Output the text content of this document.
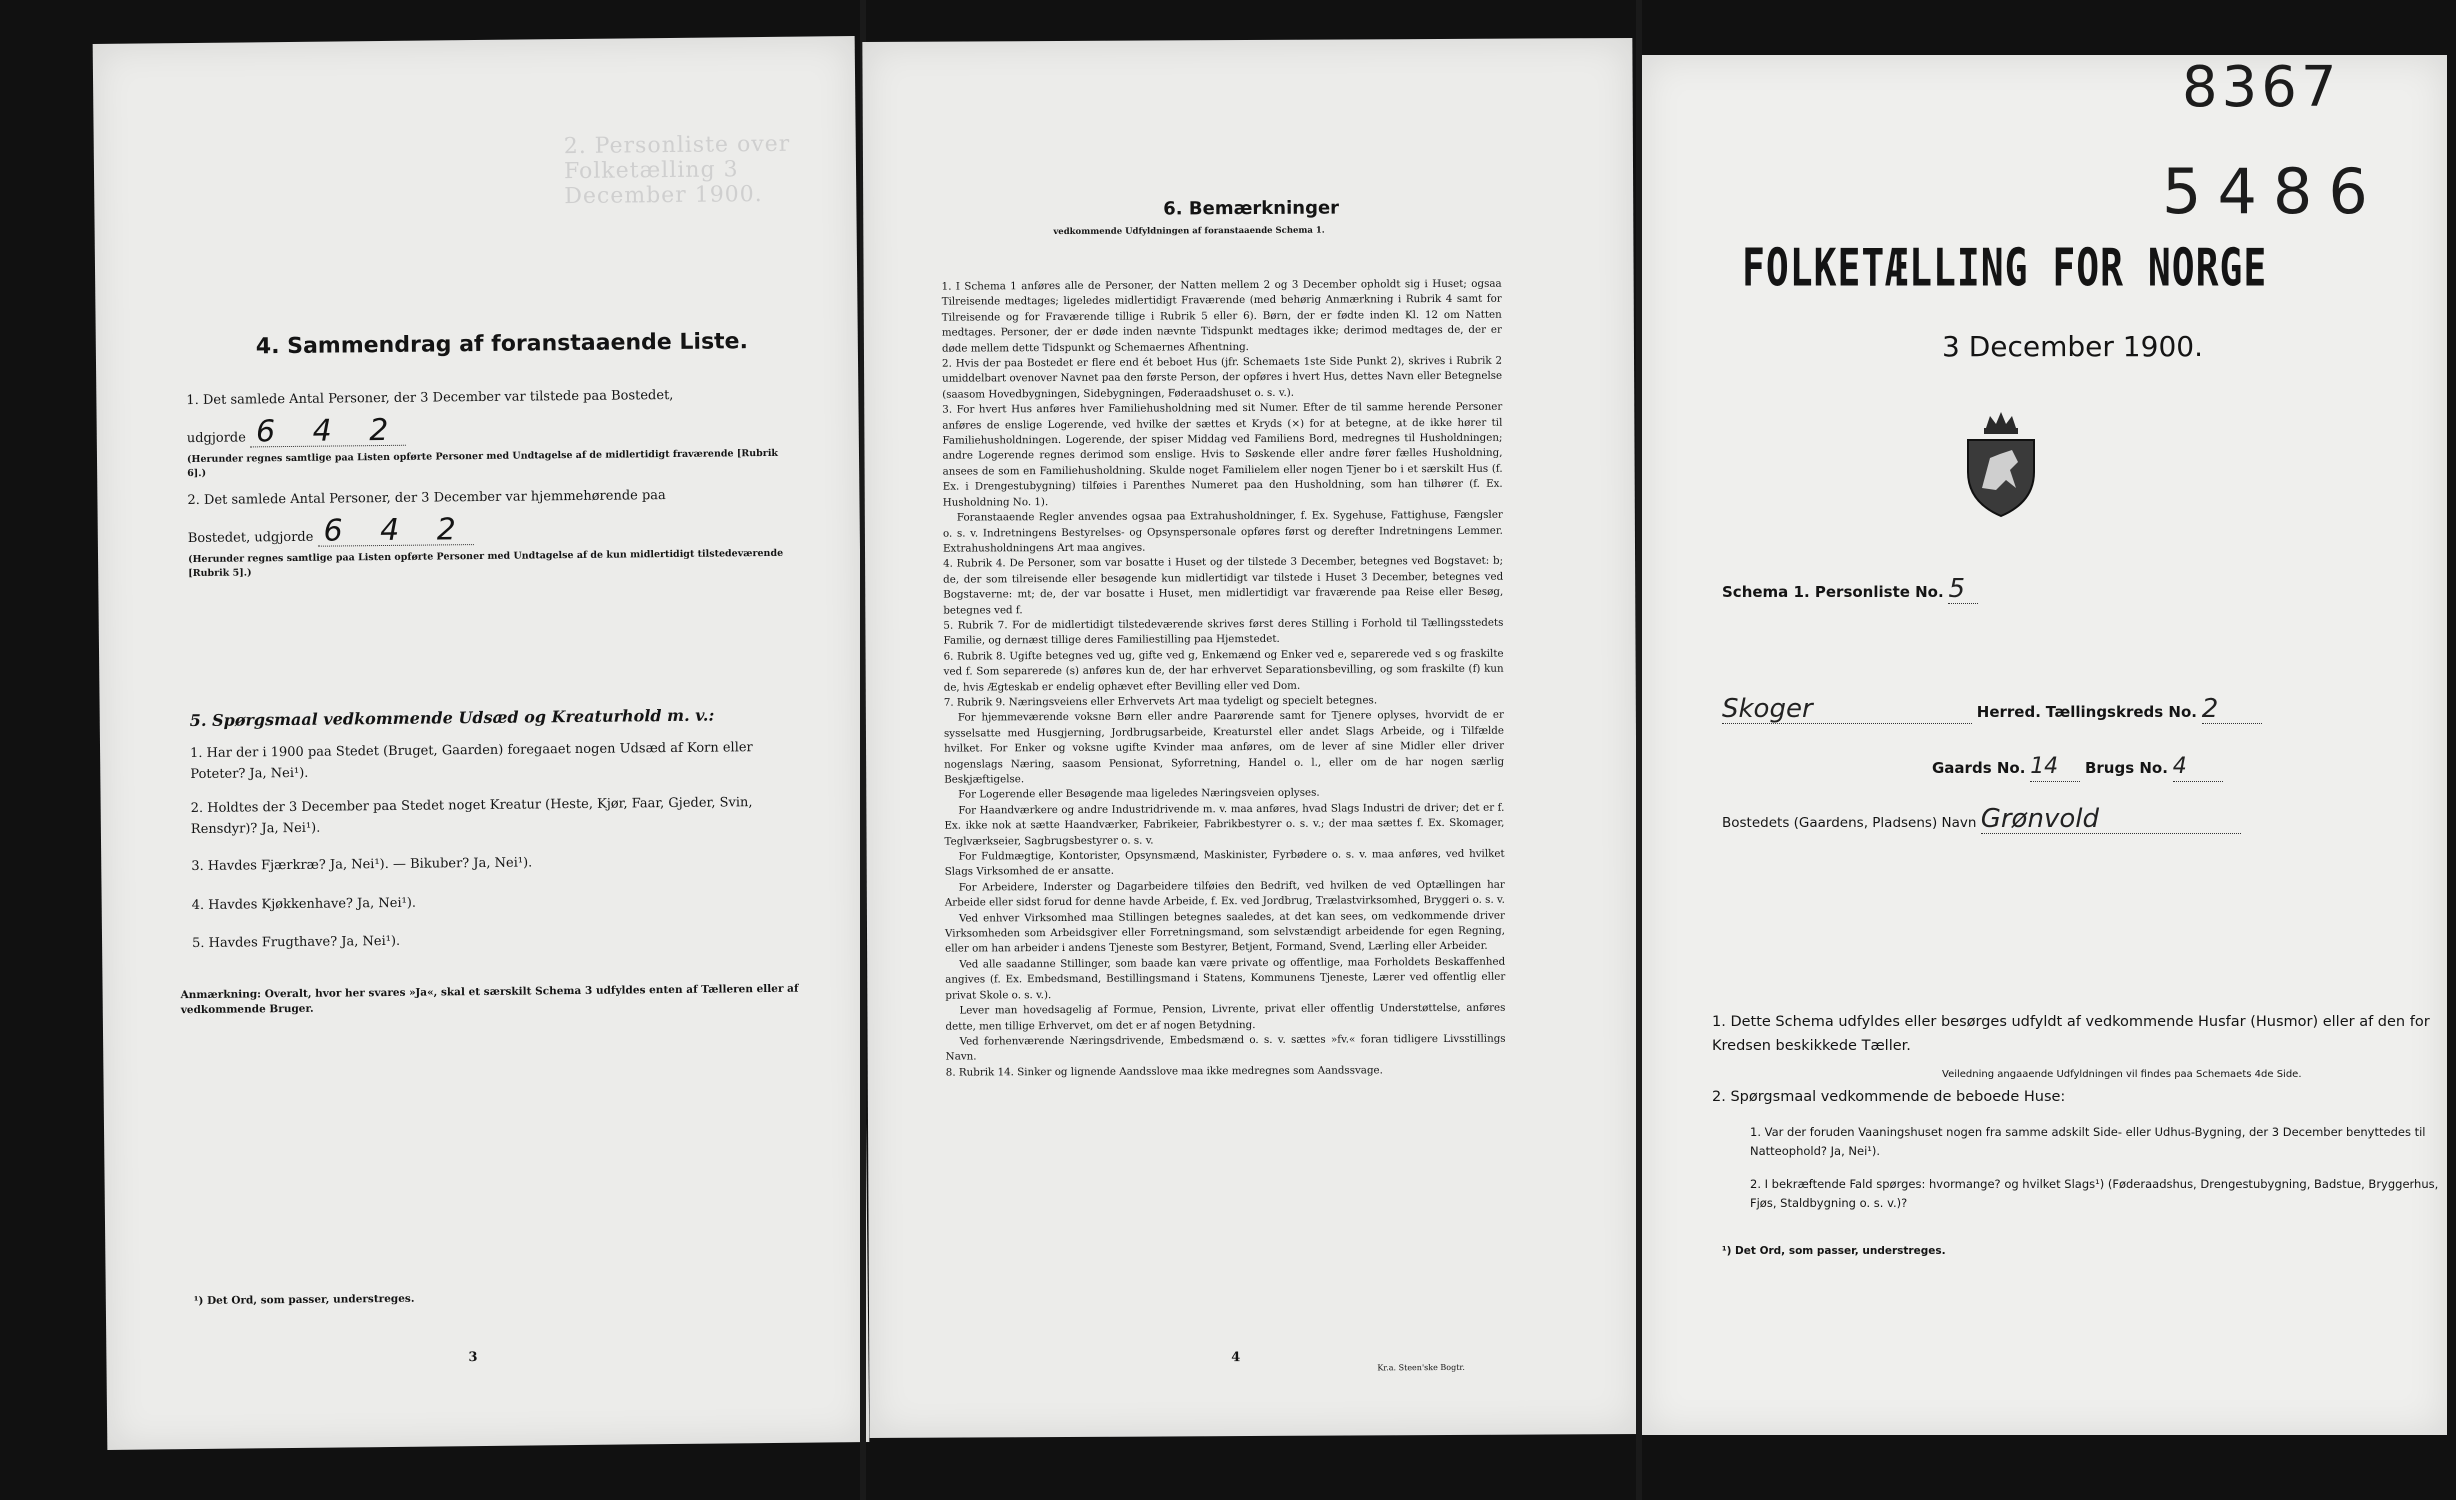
2. Personliste over Folketælling 3 December 1900.
4. Sammendrag af foranstaaende Liste.
1. Det samlede Antal Personer, der 3 December var tilstede paa Bostedet,
udgjorde 6 4 2
(Herunder regnes samtlige paa Listen opførte Personer med Undtagelse af de midlertidigt fraværende [Rubrik 6].)
2. Det samlede Antal Personer, der 3 December var hjemmehørende paa
Bostedet, udgjorde 6 4 2
(Herunder regnes samtlige paa Listen opførte Personer med Undtagelse af de kun midlertidigt tilstedeværende [Rubrik 5].)
5. Spørgsmaal vedkommende Udsæd og Kreaturhold m. v.:
1. Har der i 1900 paa Stedet (Bruget, Gaarden) foregaaet nogen Udsæd af Korn eller Poteter? Ja, Nei¹).
2. Holdtes der 3 December paa Stedet noget Kreatur (Heste, Kjør, Faar, Gjeder, Svin, Rensdyr)? Ja, Nei¹).
3. Havdes Fjærkræ? Ja, Nei¹). — Bikuber? Ja, Nei¹).
4. Havdes Kjøkkenhave? Ja, Nei¹).
5. Havdes Frugthave? Ja, Nei¹).
Anmærkning: Overalt, hvor her svares »Ja«, skal et særskilt Schema 3 udfyldes enten af Tælleren eller af vedkommende Bruger.
¹) Det Ord, som passer, understreges.
3
6. Bemærkninger
vedkommende Udfyldningen af foranstaaende Schema 1.

1. I Schema 1 anføres alle de Personer, der Natten mellem 2 og 3 December opholdt sig i Huset; ogsaa Tilreisende medtages; ligeledes midlertidigt Fraværende (med behørig Anmærkning i Rubrik 4 samt for Tilreisende og for Fraværende tillige i Rubrik 5 eller 6). Børn, der er fødte inden Kl. 12 om Natten medtages. Personer, der er døde inden nævnte Tidspunkt medtages ikke; derimod medtages de, der er døde mellem dette Tidspunkt og Schemaernes Afhentning.

2. Hvis der paa Bostedet er flere end ét beboet Hus (jfr. Schemaets 1ste Side Punkt 2), skrives i Rubrik 2 umiddelbart ovenover Navnet paa den første Person, der opføres i hvert Hus, dettes Navn eller Betegnelse (saasom Hovedbygningen, Sidebygningen, Føderaadshuset o. s. v.).

3. For hvert Hus anføres hver Familiehusholdning med sit Numer. Efter de til samme herende Personer anføres de enslige Logerende, ved hvilke der sættes et Kryds (×) for at betegne, at de ikke hører til Familiehusholdningen. Logerende, der spiser Middag ved Familiens Bord, medregnes til Husholdningen; andre Logerende regnes derimod som enslige. Hvis to Søskende eller andre fører fælles Husholdning, ansees de som en Familiehusholdning. Skulde noget Familielem eller nogen Tjener bo i et særskilt Hus (f. Ex. i Drengestubygning) tilføies i Parenthes Numeret paa den Husholdning, som han tilhører (f. Ex. Husholdning No. 1).

Foranstaaende Regler anvendes ogsaa paa Extrahusholdninger, f. Ex. Sygehuse, Fattighuse, Fængsler o. s. v. Indretningens Bestyrelses- og Opsynspersonale opføres først og derefter Indretningens Lemmer. Extrahusholdningens Art maa angives.

4. Rubrik 4. De Personer, som var bosatte i Huset og der tilstede 3 December, betegnes ved Bogstavet: b; de, der som tilreisende eller besøgende kun midlertidigt var tilstede i Huset 3 December, betegnes ved Bogstaverne: mt; de, der var bosatte i Huset, men midlertidigt var fraværende paa Reise eller Besøg, betegnes ved f.

5. Rubrik 7. For de midlertidigt tilstedeværende skrives først deres Stilling i Forhold til Tællingsstedets Familie, og dernæst tillige deres Familiestilling paa Hjemstedet.

6. Rubrik 8. Ugifte betegnes ved ug, gifte ved g, Enkemænd og Enker ved e, separerede ved s og fraskilte ved f. Som separerede (s) anføres kun de, der har erhvervet Separationsbevilling, og som fraskilte (f) kun de, hvis Ægteskab er endelig ophævet efter Bevilling eller ved Dom.

7. Rubrik 9. Næringsveiens eller Erhvervets Art maa tydeligt og specielt betegnes.

For hjemmeværende voksne Børn eller andre Paarørende samt for Tjenere oplyses, hvorvidt de er sysselsatte med Husgjerning, Jordbrugsarbeide, Kreaturstel eller andet Slags Arbeide, og i Tilfælde hvilket. For Enker og voksne ugifte Kvinder maa anføres, om de lever af sine Midler eller driver nogenslags Næring, saasom Pensionat, Syforretning, Handel o. l., eller om de har nogen særlig Beskjæftigelse.

For Logerende eller Besøgende maa ligeledes Næringsveien oplyses.

For Haandværkere og andre Industridrivende m. v. maa anføres, hvad Slags Industri de driver; det er f. Ex. ikke nok at sætte Haandværker, Fabrikeier, Fabrikbestyrer o. s. v.; der maa sættes f. Ex. Skomager, Teglværkseier, Sagbrugsbestyrer o. s. v.

For Fuldmægtige, Kontorister, Opsynsmænd, Maskinister, Fyrbødere o. s. v. maa anføres, ved hvilket Slags Virksomhed de er ansatte.

For Arbeidere, Inderster og Dagarbeidere tilføies den Bedrift, ved hvilken de ved Optællingen har Arbeide eller sidst forud for denne havde Arbeide, f. Ex. ved Jordbrug, Trælastvirksomhed, Bryggeri o. s. v.

Ved enhver Virksomhed maa Stillingen betegnes saaledes, at det kan sees, om vedkommende driver Virksomheden som Arbeidsgiver eller Forretningsmand, som selvstændigt arbeidende for egen Regning, eller om han arbeider i andens Tjeneste som Bestyrer, Betjent, Formand, Svend, Lærling eller Arbeider.

Ved alle saadanne Stillinger, som baade kan være private og offentlige, maa Forholdets Beskaffenhed angives (f. Ex. Embedsmand, Bestillingsmand i Statens, Kommunens Tjeneste, Lærer ved offentlig eller privat Skole o. s. v.).

Lever man hovedsagelig af Formue, Pension, Livrente, privat eller offentlig Understøttelse, anføres dette, men tillige Erhvervet, om det er af nogen Betydning.

Ved forhenværende Næringsdrivende, Embedsmænd o. s. v. sættes »fv.« foran tidligere Livsstillings Navn.

8. Rubrik 14. Sinker og lignende Aandsslove maa ikke medregnes som Aandssvage.

4
Kr.a. Steen'ske Bogtr.
8367
5486
FOLKETÆLLING FOR NORGE
3 December 1900.
Schema 1. Personliste No. 5
Skoger	Herred. Tællingskreds No. 2
Gaards No. 14 Brugs No. 4
Bostedets (Gaardens, Pladsens) Navn Grønvold
1. Dette Schema udfyldes eller besørges udfyldt af vedkommende Husfar (Husmor) eller af den for Kredsen beskikkede Tæller.
Veiledning angaaende Udfyldningen vil findes paa Schemaets 4de Side.
2. Spørgsmaal vedkommende de beboede Huse:
1. Var der foruden Vaaningshuset nogen fra samme adskilt Side- eller Udhus-Bygning, der 3 December benyttedes til Natteophold? Ja, Nei¹).
2. I bekræftende Fald spørges: hvormange? og hvilket Slags¹) (Føderaadshus, Drengestubygning, Badstue, Bryggerhus, Fjøs, Staldbygning o. s. v.)?
¹) Det Ord, som passer, understreges.
